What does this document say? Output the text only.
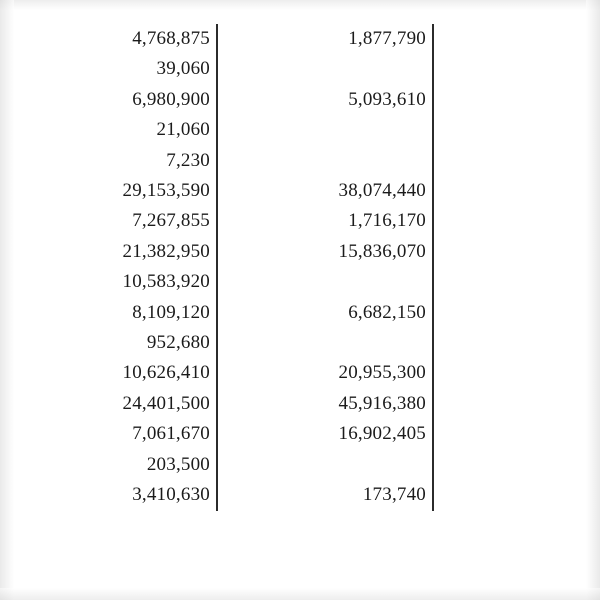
4,768,875		1,877,790
39,060		
6,980,900		5,093,610
21,060		
7,230		
29,153,590		38,074,440
7,267,855		1,716,170
21,382,950		15,836,070
10,583,920		
8,109,120		6,682,150
952,680		
10,626,410		20,955,300
24,401,500		45,916,380
7,061,670		16,902,405
203,500		
3,410,630		173,740
